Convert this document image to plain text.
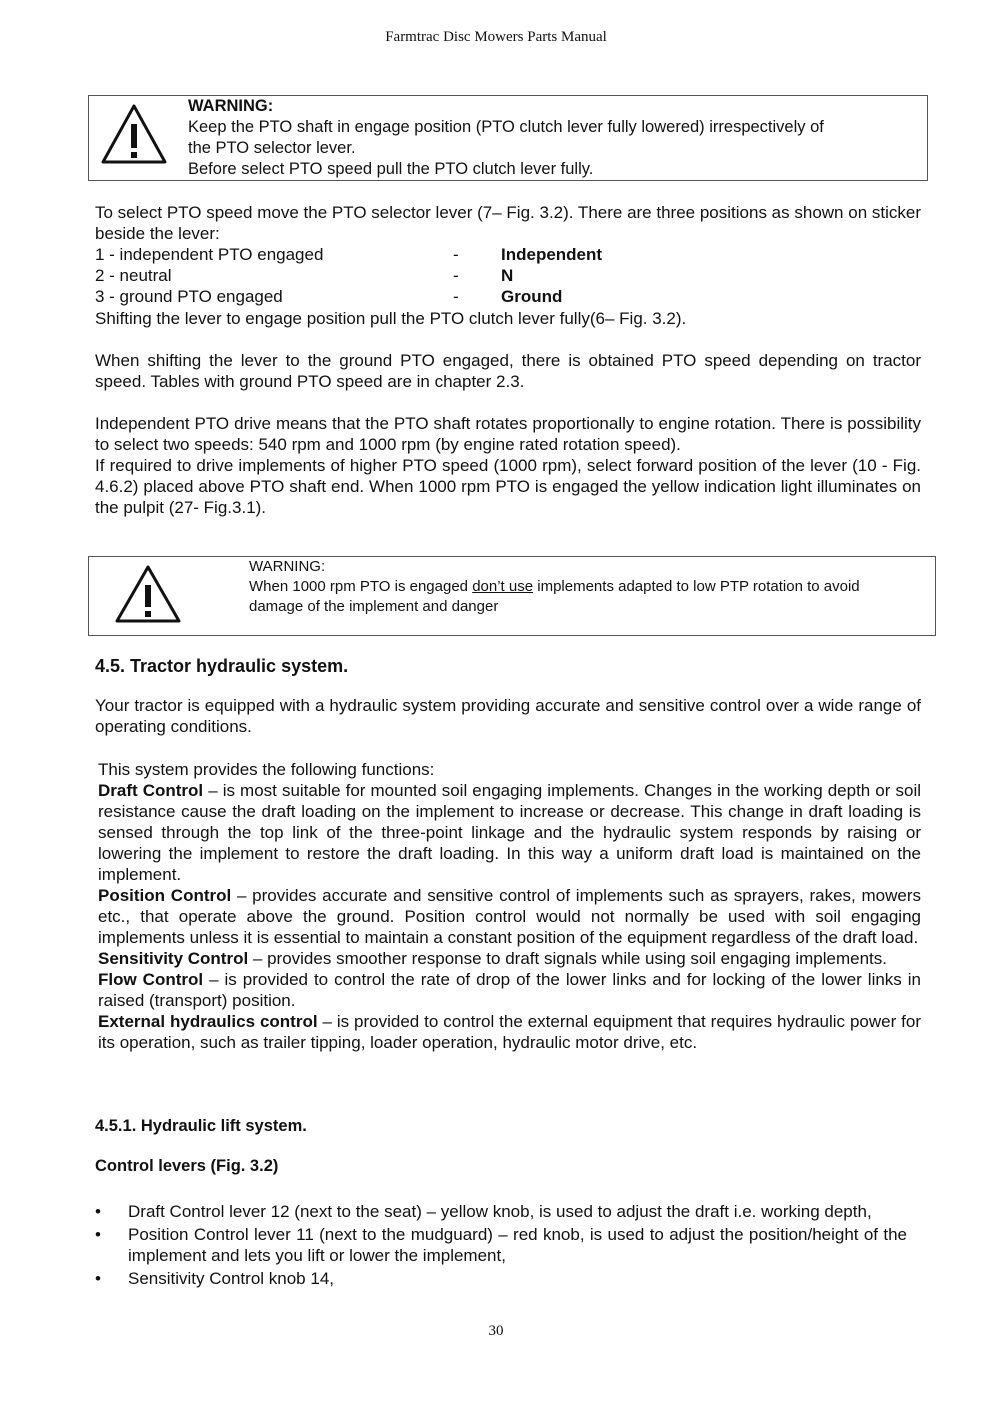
Farmtrac Disc Mowers Parts Manual
WARNING:
Keep the PTO shaft in engage position (PTO clutch lever fully lowered) irrespectively of
the PTO selector lever.
Before select PTO speed pull the PTO clutch lever fully.
To select PTO speed move the PTO selector lever (7– Fig. 3.2). There are three positions as shown on sticker beside the lever:
1 - independent PTO engaged	- Independent
2 - neutral	- N
3 - ground PTO engaged	- Ground
Shifting the lever to engage position pull the PTO clutch lever fully(6– Fig. 3.2).
When shifting the lever to the ground PTO engaged, there is obtained PTO speed depending on tractor speed. Tables with ground PTO speed are in chapter 2.3.
Independent PTO drive means that the PTO shaft rotates proportionally to engine rotation. There is possibility to select two speeds: 540 rpm and 1000 rpm (by engine rated rotation speed).
If required to drive implements of higher PTO speed (1000 rpm), select forward position of the lever (10 - Fig. 4.6.2) placed above PTO shaft end. When 1000 rpm PTO is engaged the yellow indication light illuminates on the pulpit (27- Fig.3.1).
WARNING:
When 1000 rpm PTO is engaged don’t use implements adapted to low PTP rotation to avoid
damage of the implement and danger
4.5. Tractor hydraulic system.
Your tractor is equipped with a hydraulic system providing accurate and sensitive control over a wide range of operating conditions.
This system provides the following functions:
Draft Control – is most suitable for mounted soil engaging implements. Changes in the working depth or soil resistance cause the draft loading on the implement to increase or decrease. This change in draft loading is sensed through the top link of the three-point linkage and the hydraulic system responds by raising or lowering the implement to restore the draft loading. In this way a uniform draft load is maintained on the implement.
Position Control – provides accurate and sensitive control of implements such as sprayers, rakes, mowers etc., that operate above the ground. Position control would not normally be used with soil engaging implements unless it is essential to maintain a constant position of the equipment regardless of the draft load.
Sensitivity Control – provides smoother response to draft signals while using soil engaging implements.
Flow Control – is provided to control the rate of drop of the lower links and for locking of the lower links in raised (transport) position.
External hydraulics control – is provided to control the external equipment that requires hydraulic power for its operation, such as trailer tipping, loader operation, hydraulic motor drive, etc.
4.5.1. Hydraulic lift system.
Control levers (Fig. 3.2)
• Draft Control lever 12 (next to the seat) – yellow knob, is used to adjust the draft i.e. working depth,
• Position Control lever 11 (next to the mudguard) – red knob, is used to adjust the position/height of the implement and lets you lift or lower the implement,
• Sensitivity Control knob 14,
30
